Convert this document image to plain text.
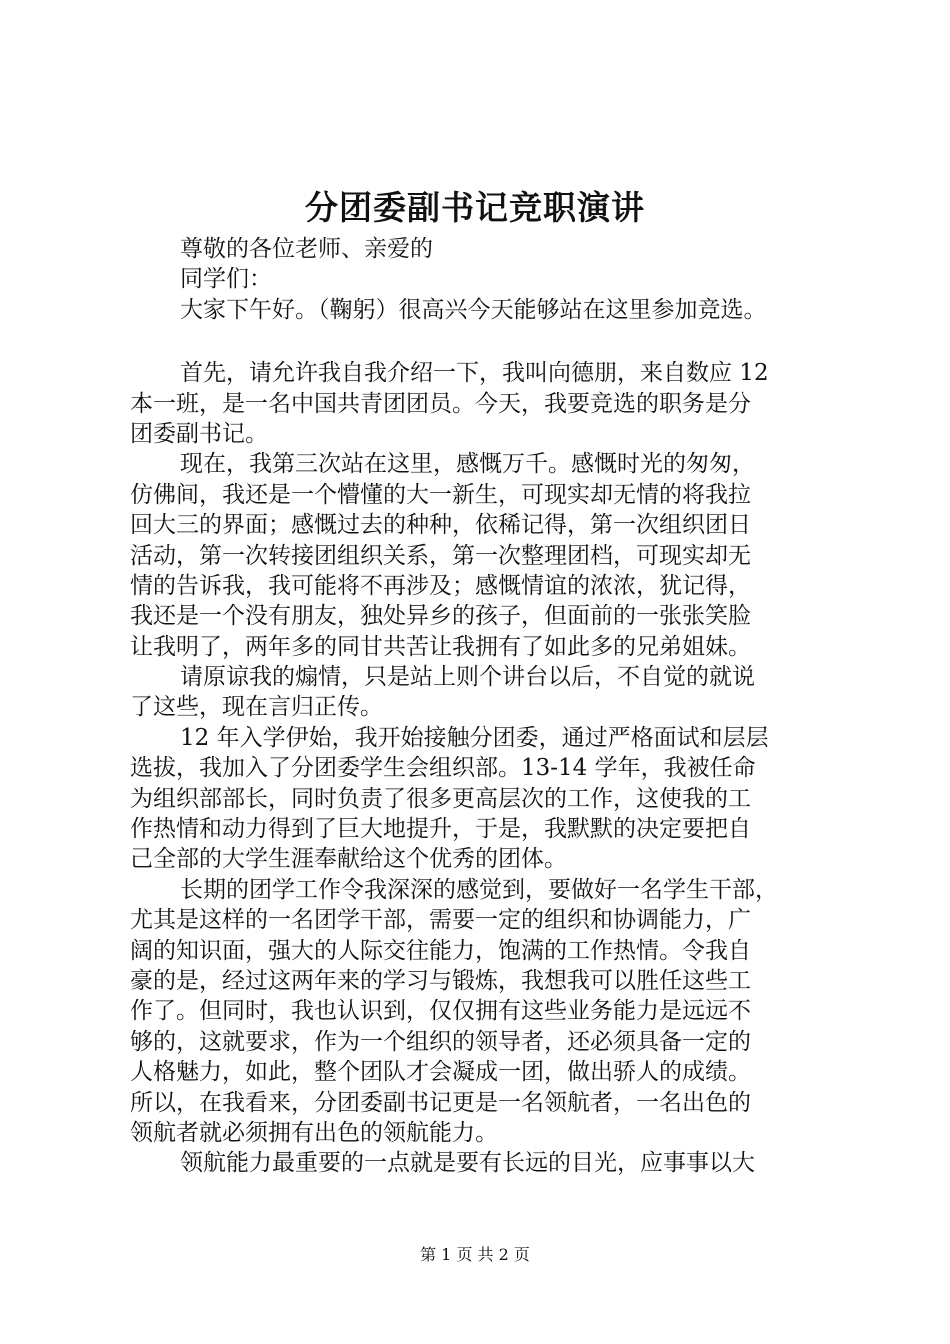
分团委副书记竞职演讲
尊敬的各位老师、亲爱的
同学们：
大家下午好。（鞠躬）很高兴今天能够站在这里参加竞选。
首先，请允许我自我介绍一下，我叫向德朋，来自数应 12
本一班，是一名中国共青团团员。今天，我要竞选的职务是分
团委副书记。
现在，我第三次站在这里，感慨万千。感慨时光的匆匆，
仿佛间，我还是一个懵懂的大一新生，可现实却无情的将我拉
回大三的界面；感慨过去的种种，依稀记得，第一次组织团日
活动，第一次转接团组织关系，第一次整理团档，可现实却无
情的告诉我，我可能将不再涉及；感慨情谊的浓浓，犹记得，
我还是一个没有朋友，独处异乡的孩子，但面前的一张张笑脸
让我明了，两年多的同甘共苦让我拥有了如此多的兄弟姐妹。
请原谅我的煽情，只是站上则个讲台以后，不自觉的就说
了这些，现在言归正传。
12 年入学伊始，我开始接触分团委，通过严格面试和层层
选拔，我加入了分团委学生会组织部。13-14 学年，我被任命
为组织部部长，同时负责了很多更高层次的工作，这使我的工
作热情和动力得到了巨大地提升，于是，我默默的决定要把自
己全部的大学生涯奉献给这个优秀的团体。
长期的团学工作令我深深的感觉到，要做好一名学生干部，
尤其是这样的一名团学干部，需要一定的组织和协调能力，广
阔的知识面，强大的人际交往能力，饱满的工作热情。令我自
豪的是，经过这两年来的学习与锻炼，我想我可以胜任这些工
作了。但同时，我也认识到，仅仅拥有这些业务能力是远远不
够的，这就要求，作为一个组织的领导者，还必须具备一定的
人格魅力，如此，整个团队才会凝成一团，做出骄人的成绩。
所以，在我看来，分团委副书记更是一名领航者，一名出色的
领航者就必须拥有出色的领航能力。
领航能力最重要的一点就是要有长远的目光，应事事以大
第 1 页 共 2 页
